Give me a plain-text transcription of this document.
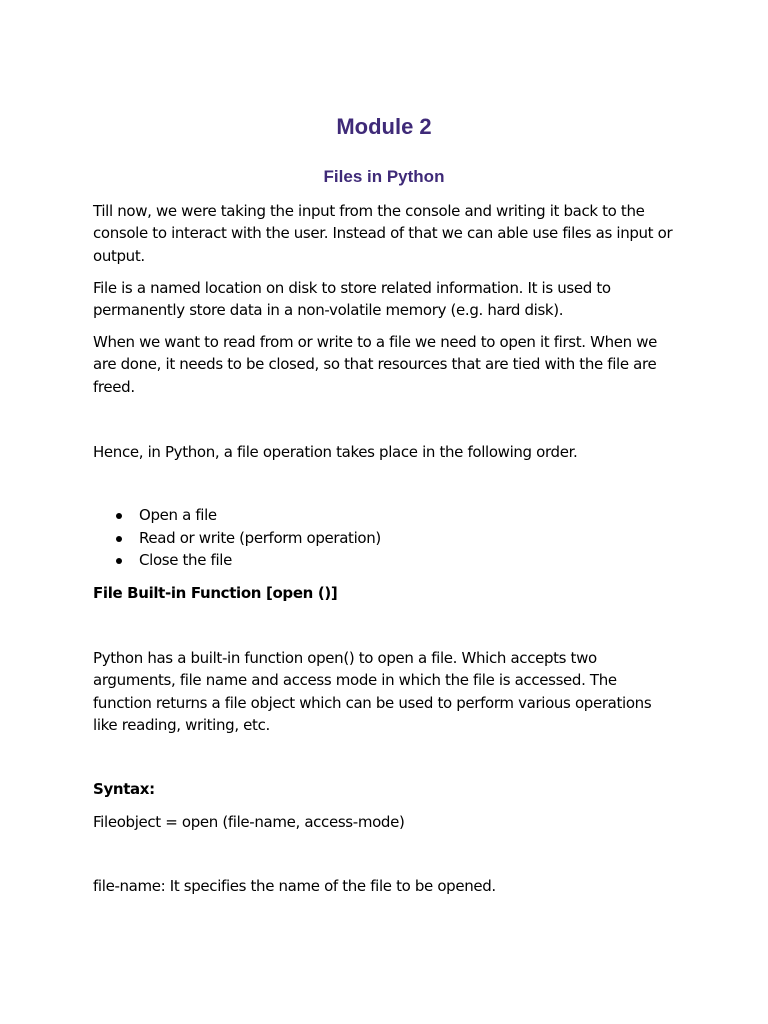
Module 2
Files in Python

Till now, we were taking the input from the console and writing it back to the console to interact with the user. Instead of that we can able use files as input or output.

File is a named location on disk to store related information. It is used to permanently store data in a non-volatile memory (e.g. hard disk).

When we want to read from or write to a file we need to open it first. When we are done, it needs to be closed, so that resources that are tied with the file are freed.

Hence, in Python, a file operation takes place in the following order.

Open a file
Read or write (perform operation)
Close the file

File Built-in Function [open ()]

Python has a built-in function open() to open a file. Which accepts two arguments, file name and access mode in which the file is accessed. The function returns a file object which can be used to perform various operations like reading, writing, etc.

Syntax:

Fileobject = open (file-name, access-mode)

file-name: It specifies the name of the file to be opened.
